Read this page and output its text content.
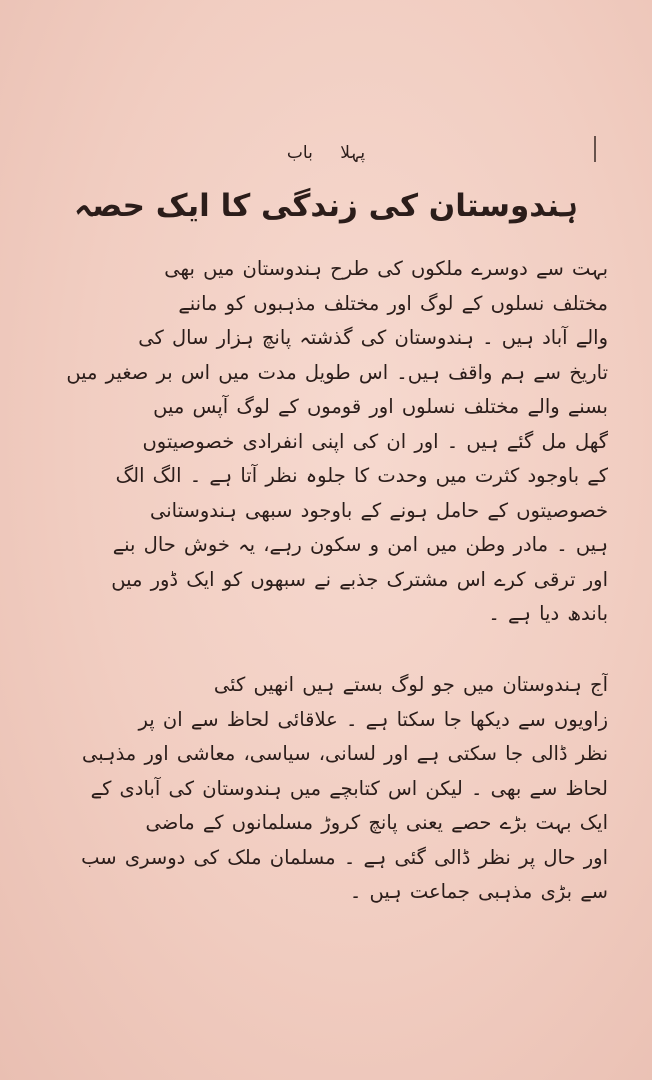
پہلا باب
ہندوستان کی زندگی کا ایک حصہ
بہت سے دوسرے ملکوں کی طرح ہندوستان میں بھی
مختلف نسلوں کے لوگ اور مختلف مذہبوں کو ماننے
والے آباد ہیں ۔ ہندوستان کی گذشتہ پانچ ہزار سال کی
تاریخ سے ہم واقف ہیں۔ اس طویل مدت میں اس بر صغیر میں
بسنے والے مختلف نسلوں اور قوموں کے لوگ آپس میں
گھل مل گئے ہیں ۔ اور ان کی اپنی انفرادی خصوصیتوں
کے باوجود کثرت میں وحدت کا جلوہ نظر آتا ہے ۔ الگ الگ
خصوصیتوں کے حامل ہونے کے باوجود سبھی ہندوستانی
ہیں ۔ مادر وطن میں امن و سکون رہے، یہ خوش حال بنے
اور ترقی کرے اس مشترک جذبے نے سبھوں کو ایک ڈور میں
باندھ دیا ہے ۔
آج ہندوستان میں جو لوگ بستے ہیں انھیں کئی
زاویوں سے دیکھا جا سکتا ہے ۔ علاقائی لحاظ سے ان پر
نظر ڈالی جا سکتی ہے اور لسانی، سیاسی، معاشی اور مذہبی
لحاظ سے بھی ۔ لیکن اس کتابچے میں ہندوستان کی آبادی کے
ایک بہت بڑے حصے یعنی پانچ کروڑ مسلمانوں کے ماضی
اور حال پر نظر ڈالی گئی ہے ۔ مسلمان ملک کی دوسری سب
سے بڑی مذہبی جماعت ہیں ۔
